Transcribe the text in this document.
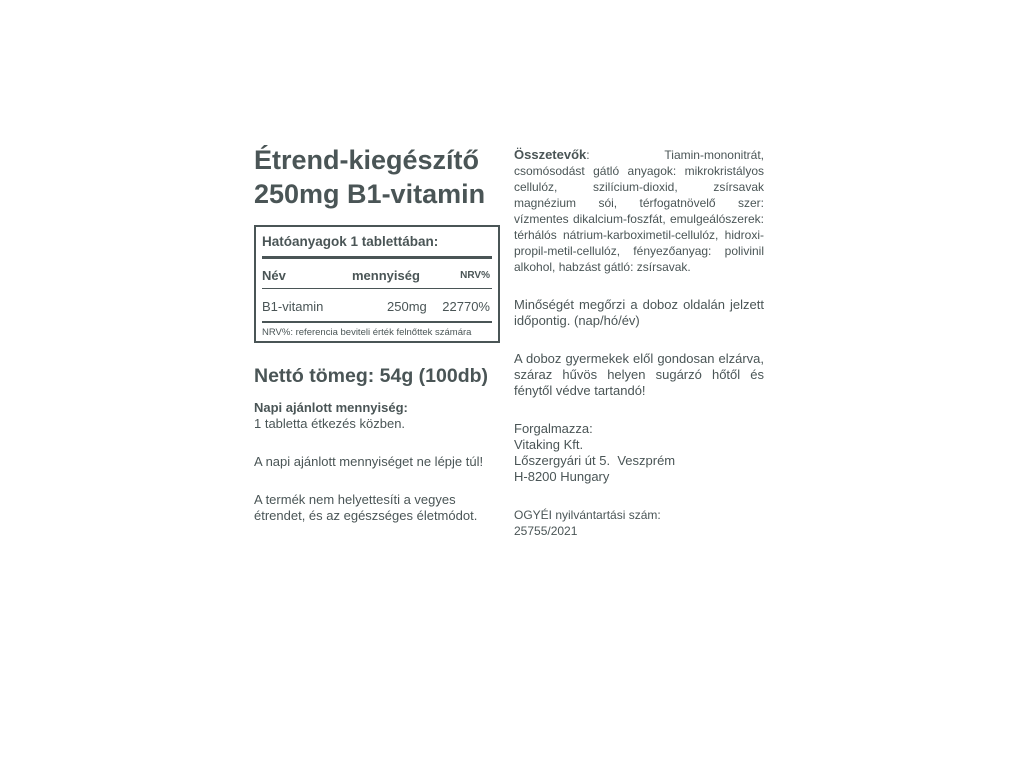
Étrend-kiegészítő
250mg B1-vitamin
Hatóanyagok 1 tablettában:
Név	mennyiség	NRV%
B1-vitamin	250mg 22770%
NRV%: referencia beviteli érték felnőttek számára
Nettó tömeg: 54g (100db)

Napi ajánlott mennyiség:
1 tabletta étkezés közben.

A napi ajánlott mennyiséget ne lépje túl!

A termék nem helyettesíti a vegyes étrendet, és az egészséges életmódot.

Összetevők: Tiamin-mononitrát, csomósodást gátló anyagok: mikrokristályos cellulóz, szilícium-dioxid, zsírsavak magnézium sói, térfogatnövelő szer: vízmentes dikalcium-foszfát, emulgeálószerek: térhálós nátrium-karboximetil-cellulóz, hidroxi-propil-metil-cellulóz, fényezőanyag: polivinil alkohol, habzást gátló: zsírsavak.

Minőségét megőrzi a doboz oldalán jelzett időpontig. (nap/hó/év)

A doboz gyermekek elől gondosan elzárva, száraz hűvös helyen sugárzó hőtől és fénytől védve tartandó!

Forgalmazza:
Vitaking Kft.
Lőszergyári út 5.  Veszprém
H-8200 Hungary

OGYÉI nyilvántartási szám:
25755/2021
